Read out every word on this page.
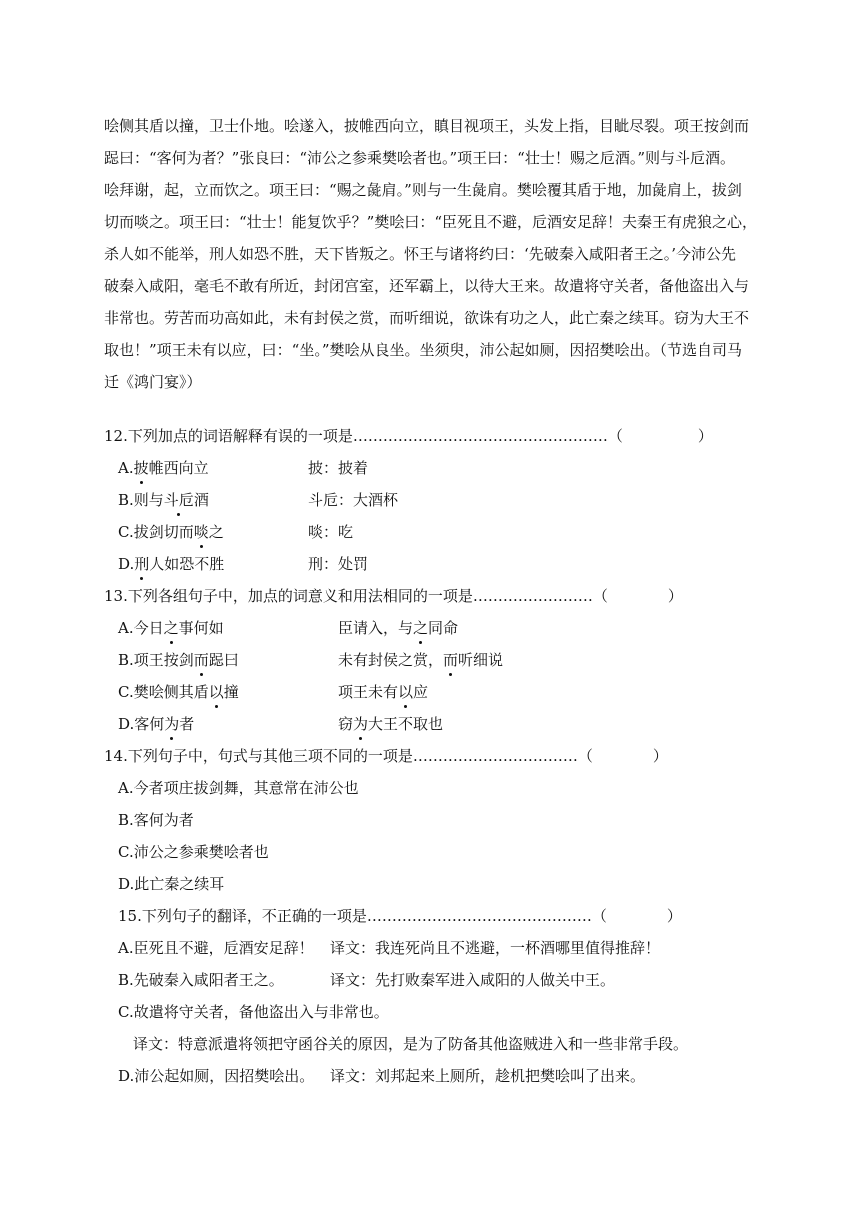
哙侧其盾以撞，卫士仆地。哙遂入，披帷西向立，瞋目视项王，头发上指，目眦尽裂。项王按剑而
跽曰：“客何为者？”张良曰：“沛公之参乘樊哙者也。”项王曰：“壮士！赐之卮酒。”则与斗卮酒。
哙拜谢，起，立而饮之。项王曰：“赐之彘肩。”则与一生彘肩。樊哙覆其盾于地，加彘肩上，拔剑
切而啖之。项王曰：“壮士！能复饮乎？”樊哙曰：“臣死且不避，卮酒安足辞！夫秦王有虎狼之心，
杀人如不能举，刑人如恐不胜，天下皆叛之。怀王与诸将约曰：‘先破秦入咸阳者王之。’今沛公先
破秦入咸阳，毫毛不敢有所近，封闭宫室，还军霸上，以待大王来。故遣将守关者，备他盗出入与
非常也。劳苦而功高如此，未有封侯之赏，而听细说，欲诛有功之人，此亡秦之续耳。窃为大王不
取也！”项王未有以应，曰：“坐。”樊哙从良坐。坐须臾，沛公起如厕，因招樊哙出。（节选自司马
迁《鸿门宴》）
12.下列加点的词语解释有误的一项是……………………………………………（　　　　　）
A.披帷西向立	披：披着
B.则与斗卮酒	斗卮：大酒杯
C.拔剑切而啖之	啖：吃
D.刑人如恐不胜	刑：处罚
13.下列各组句子中，加点的词意义和用法相同的一项是……………………（　　　　）
A.今日之事何如	臣请入，与之同命
B.项王按剑而跽曰	未有封侯之赏，而听细说
C.樊哙侧其盾以撞	项王未有以应
D.客何为者	窃为大王不取也
14.下列句子中，句式与其他三项不同的一项是……………………………（　　　　）
A.今者项庄拔剑舞，其意常在沛公也
B.客何为者
C.沛公之参乘樊哙者也
D.此亡秦之续耳
15.下列句子的翻译，不正确的一项是………………………………………（　　　　）
A.臣死且不避，卮酒安足辞！ 译文：我连死尚且不逃避，一杯酒哪里值得推辞！
B.先破秦入咸阳者王之。	译文：先打败秦军进入咸阳的人做关中王。
C.故遣将守关者，备他盗出入与非常也。
译文：特意派遣将领把守函谷关的原因，是为了防备其他盗贼进入和一些非常手段。
D.沛公起如厕，因招樊哙出。 译文：刘邦起来上厕所，趁机把樊哙叫了出来。
